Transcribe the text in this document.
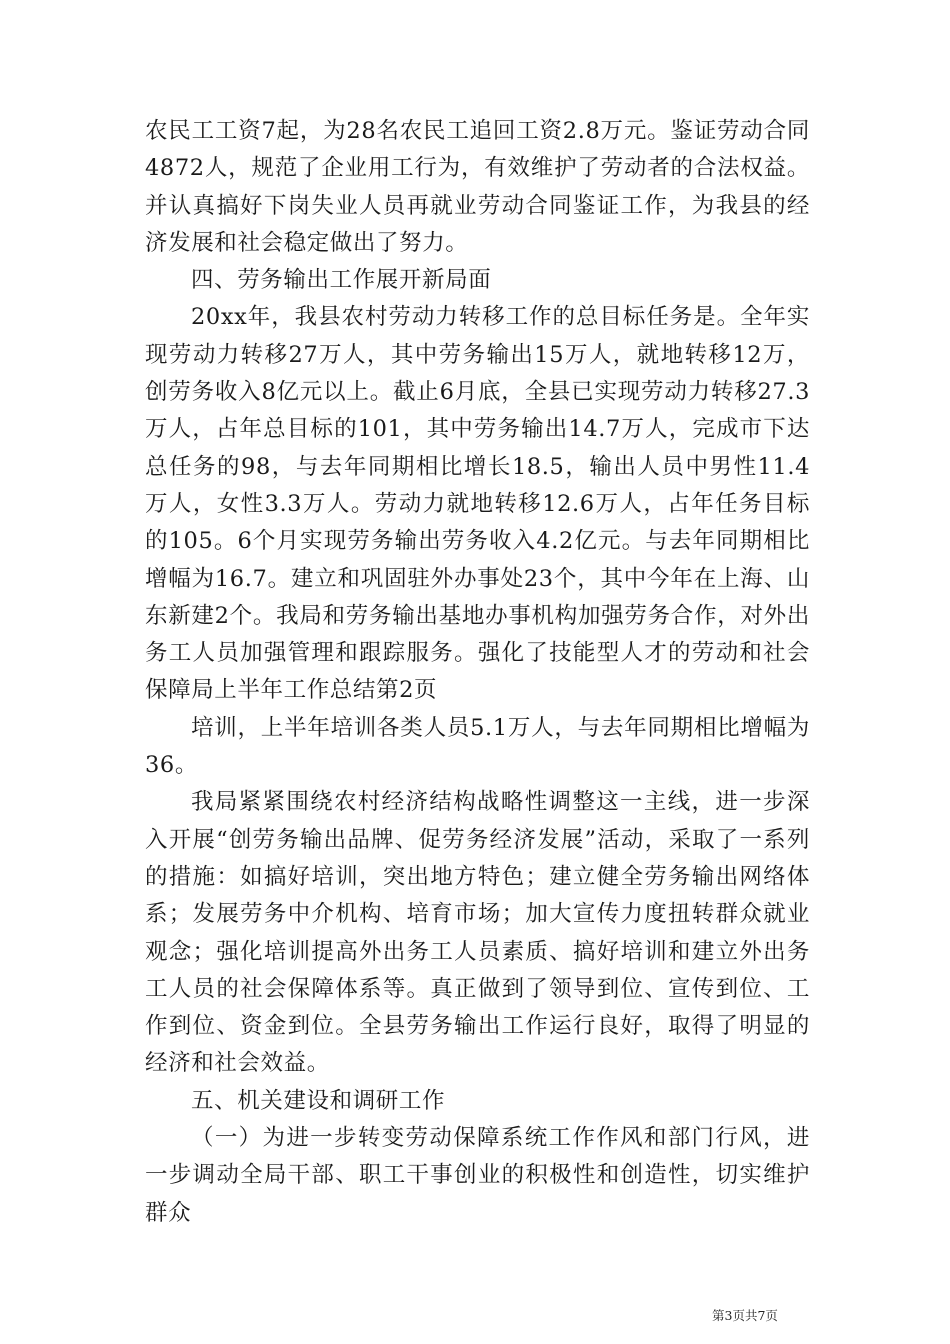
农民工工资7起，为28名农民工追回工资2.8万元。鉴证劳动合同4872人，规范了企业用工行为，有效维护了劳动者的合法权益。并认真搞好下岗失业人员再就业劳动合同鉴证工作，为我县的经济发展和社会稳定做出了努力。

四、劳务输出工作展开新局面

20xx年，我县农村劳动力转移工作的总目标任务是。全年实现劳动力转移27万人，其中劳务输出15万人，就地转移12万，创劳务收入8亿元以上。截止6月底，全县已实现劳动力转移27.3万人，占年总目标的101，其中劳务输出14.7万人，完成市下达总任务的98，与去年同期相比增长18.5，输出人员中男性11.4万人，女性3.3万人。劳动力就地转移12.6万人，占年任务目标的105。6个月实现劳务输出劳务收入4.2亿元。与去年同期相比增幅为16.7。建立和巩固驻外办事处23个，其中今年在上海、山东新建2个。我局和劳务输出基地办事机构加强劳务合作，对外出务工人员加强管理和跟踪服务。强化了技能型人才的劳动和社会保障局上半年工作总结第2页

培训，上半年培训各类人员5.1万人，与去年同期相比增幅为36。

我局紧紧围绕农村经济结构战略性调整这一主线，进一步深入开展“创劳务输出品牌、促劳务经济发展”活动，采取了一系列的措施：如搞好培训，突出地方特色；建立健全劳务输出网络体系；发展劳务中介机构、培育市场；加大宣传力度扭转群众就业观念；强化培训提高外出务工人员素质、搞好培训和建立外出务工人员的社会保障体系等。真正做到了领导到位、宣传到位、工作到位、资金到位。全县劳务输出工作运行良好，取得了明显的经济和社会效益。

五、机关建设和调研工作

（一）为进一步转变劳动保障系统工作作风和部门行风，进一步调动全局干部、职工干事创业的积极性和创造性，切实维护群众

第3页共7页
